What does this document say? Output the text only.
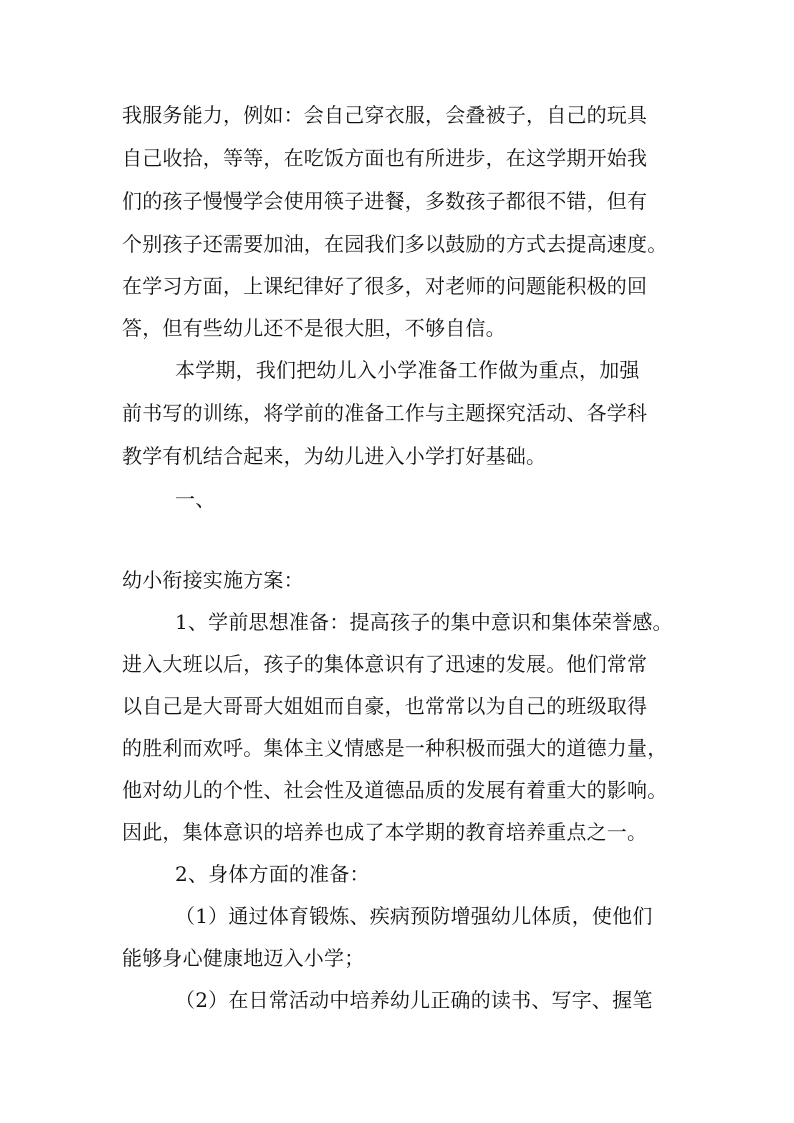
我服务能力，例如：会自己穿衣服，会叠被子，自己的玩具
自己收拾，等等，在吃饭方面也有所进步，在这学期开始我
们的孩子慢慢学会使用筷子进餐，多数孩子都很不错，但有
个别孩子还需要加油，在园我们多以鼓励的方式去提高速度。
在学习方面，上课纪律好了很多，对老师的问题能积极的回
答，但有些幼儿还不是很大胆，不够自信。
本学期，我们把幼儿入小学准备工作做为重点，加强
前书写的训练，将学前的准备工作与主题探究活动、各学科
教学有机结合起来，为幼儿进入小学打好基础。
一、
幼小衔接实施方案：
1、学前思想准备：提高孩子的集中意识和集体荣誉感。
进入大班以后，孩子的集体意识有了迅速的发展。他们常常
以自己是大哥哥大姐姐而自豪，也常常以为自己的班级取得
的胜利而欢呼。集体主义情感是一种积极而强大的道德力量，
他对幼儿的个性、社会性及道德品质的发展有着重大的影响。
因此，集体意识的培养也成了本学期的教育培养重点之一。
2、身体方面的准备：
（1）通过体育锻炼、疾病预防增强幼儿体质，使他们
能够身心健康地迈入小学；
（2）在日常活动中培养幼儿正确的读书、写字、握笔
